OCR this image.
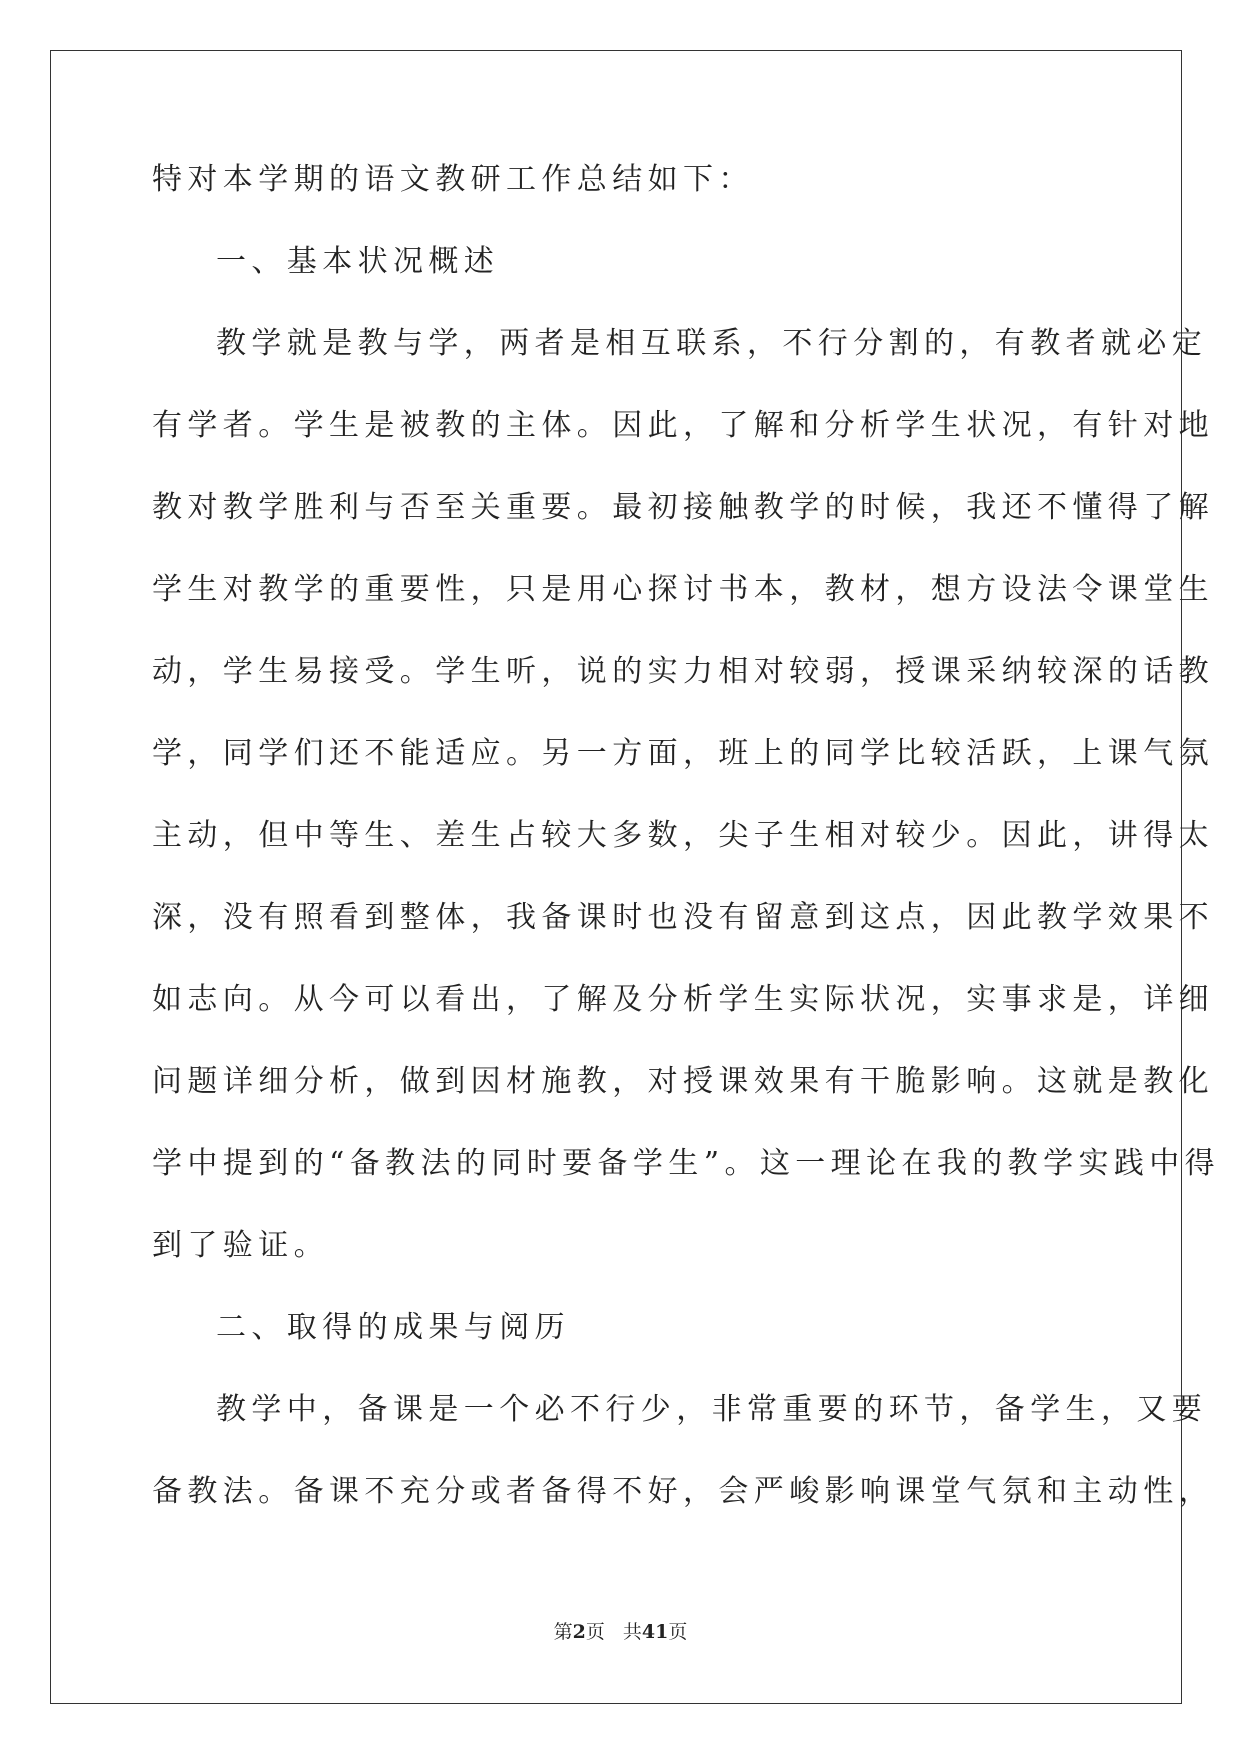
特对本学期的语文教研工作总结如下：
一、基本状况概述
教学就是教与学，两者是相互联系，不行分割的，有教者就必定
有学者。学生是被教的主体。因此，了解和分析学生状况，有针对地
教对教学胜利与否至关重要。最初接触教学的时候，我还不懂得了解
学生对教学的重要性，只是用心探讨书本，教材，想方设法令课堂生
动，学生易接受。学生听，说的实力相对较弱，授课采纳较深的话教
学，同学们还不能适应。另一方面，班上的同学比较活跃，上课气氛
主动，但中等生、差生占较大多数，尖子生相对较少。因此，讲得太
深，没有照看到整体，我备课时也没有留意到这点，因此教学效果不
如志向。从今可以看出，了解及分析学生实际状况，实事求是，详细
问题详细分析，做到因材施教，对授课效果有干脆影响。这就是教化
学中提到的“备教法的同时要备学生”。这一理论在我的教学实践中得
到了验证。
二、取得的成果与阅历
教学中，备课是一个必不行少，非常重要的环节，备学生，又要
备教法。备课不充分或者备得不好，会严峻影响课堂气氛和主动性，
第2页 共41页
